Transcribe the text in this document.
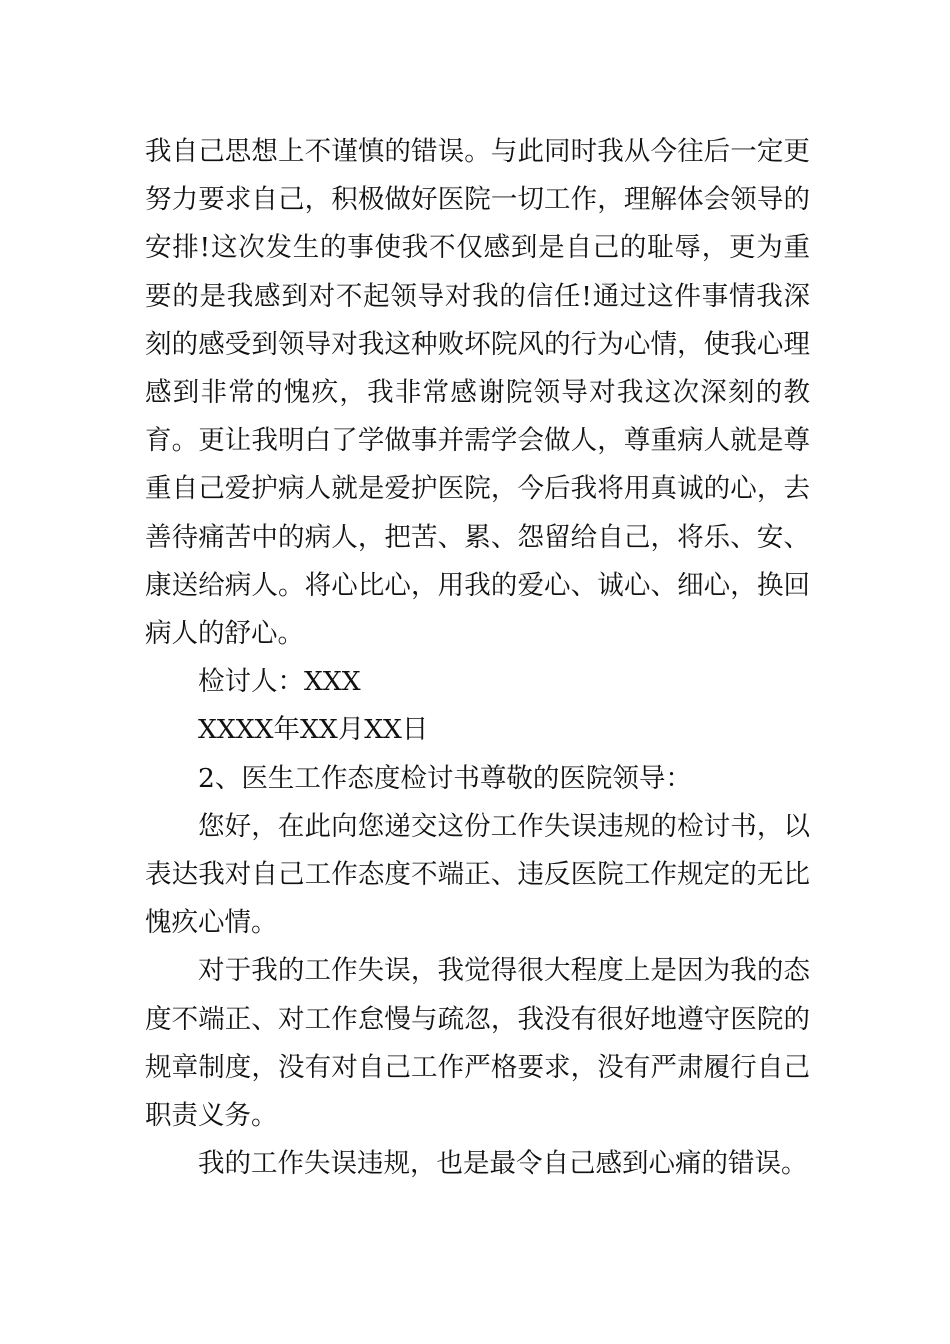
我自己思想上不谨慎的错误。与此同时我从今往后一定更努力要求自己，积极做好医院一切工作，理解体会领导的安排!这次发生的事使我不仅感到是自己的耻辱，更为重要的是我感到对不起领导对我的信任!通过这件事情我深刻的感受到领导对我这种败坏院风的行为心情，使我心理感到非常的愧疚，我非常感谢院领导对我这次深刻的教育。更让我明白了学做事并需学会做人，尊重病人就是尊重自己爱护病人就是爱护医院，今后我将用真诚的心，去善待痛苦中的病人，把苦、累、怨留给自己，将乐、安、康送给病人。将心比心，用我的爱心、诚心、细心，换回病人的舒心。

检讨人：XXX

XXXX年XX月XX日

2、医生工作态度检讨书尊敬的医院领导：

您好，在此向您递交这份工作失误违规的检讨书，以表达我对自己工作态度不端正、违反医院工作规定的无比愧疚心情。

对于我的工作失误，我觉得很大程度上是因为我的态度不端正、对工作怠慢与疏忽，我没有很好地遵守医院的规章制度，没有对自己工作严格要求，没有严肃履行自己职责义务。

我的工作失误违规，也是最令自己感到心痛的错误。
